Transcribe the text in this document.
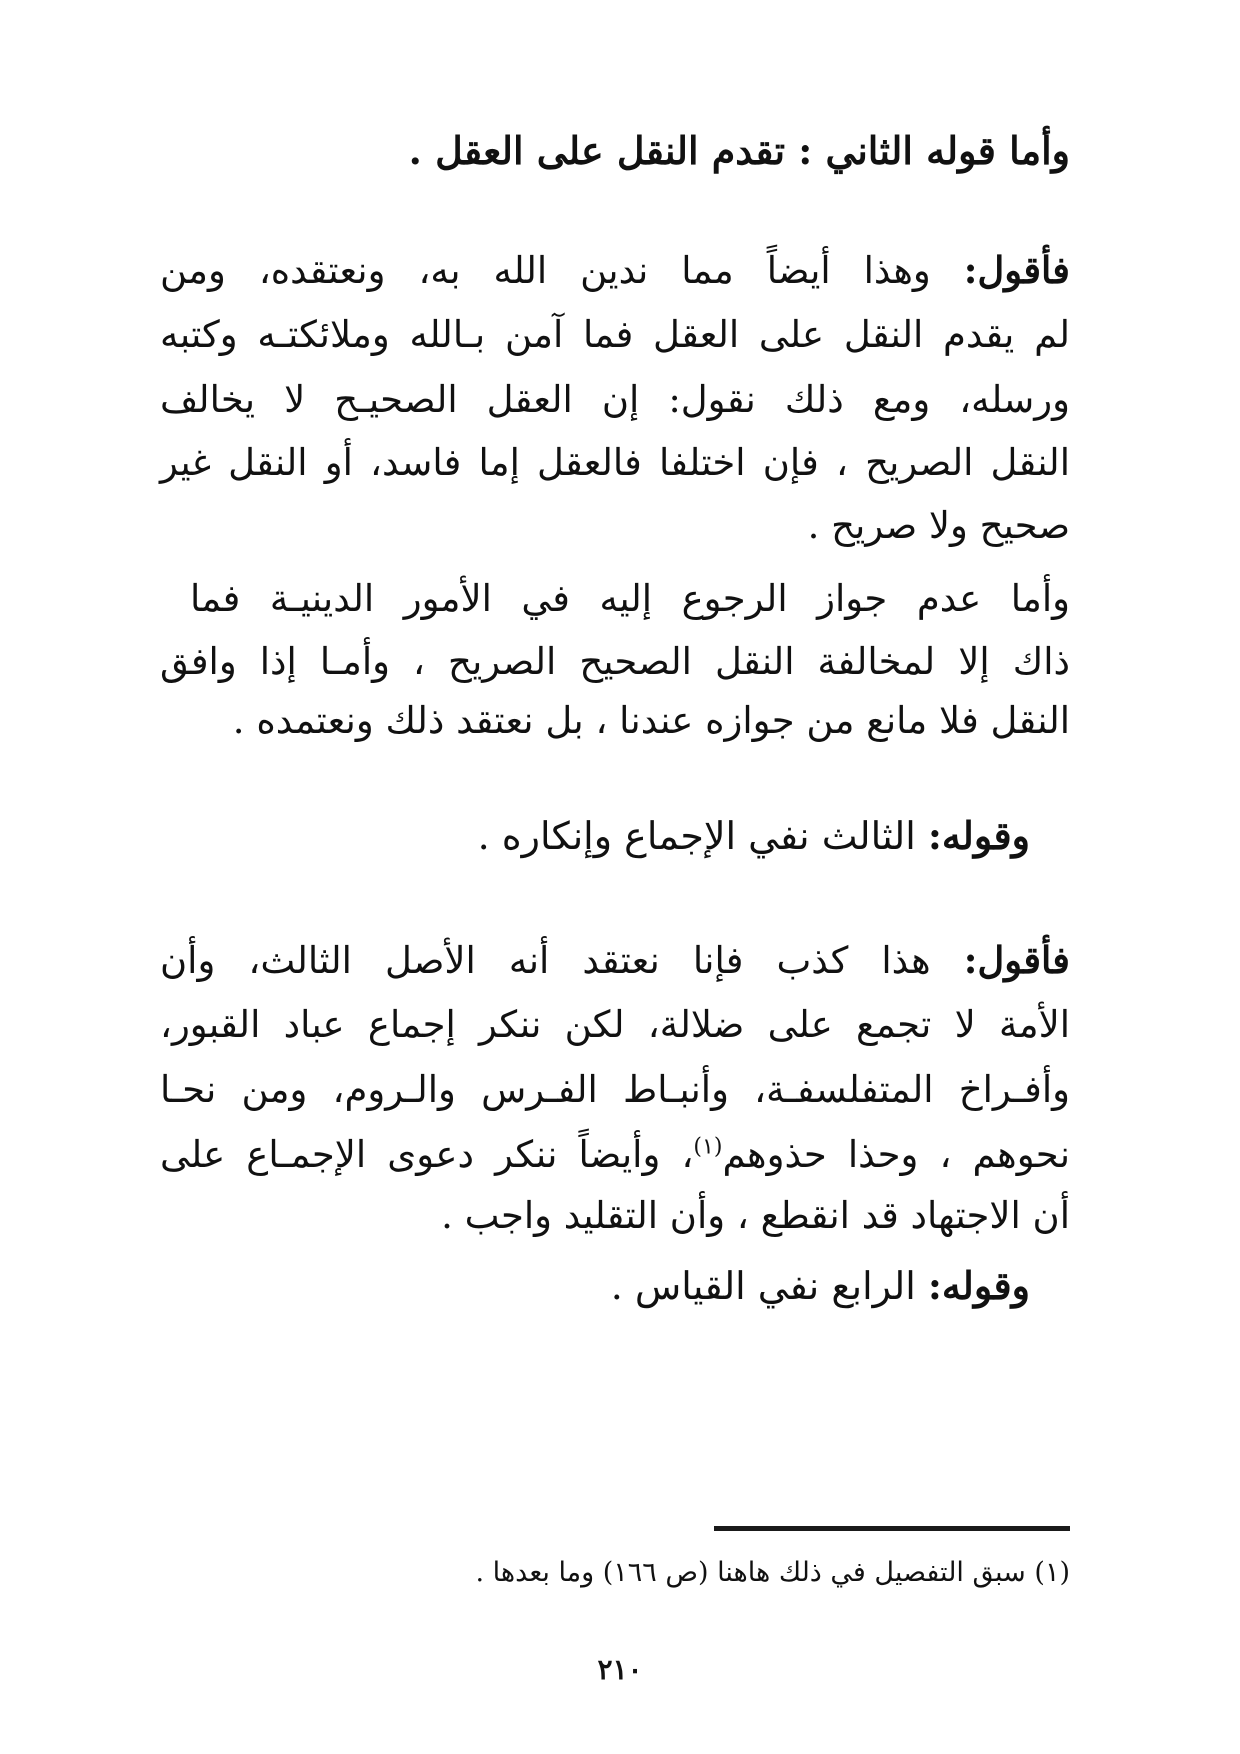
وأما قوله الثاني : تقدم النقل على العقل .
فأقول: وهذا أيضاً مما ندين الله به، ونعتقده، ومن
لم يقدم النقل على العقل فما آمن بـالله وملائكتـه وكتبه
ورسله، ومع ذلك نقول: إن العقل الصحيـح لا يخالف
النقل الصريح ، فإن اختلفا فالعقل إما فاسد، أو النقل غير
صحيح ولا صريح .
وأما عدم جواز الرجوع إليه في الأمور الدينيـة فما
ذاك إلا لمخالفة النقل الصحيح الصريح ، وأمـا إذا وافق
النقل فلا مانع من جوازه عندنا ، بل نعتقد ذلك ونعتمده .
وقوله: الثالث نفي الإجماع وإنكاره .
فأقول: هذا كذب فإنا نعتقد أنه الأصل الثالث، وأن
الأمة لا تجمع على ضلالة، لكن ننكر إجماع عباد القبور،
وأفـراخ المتفلسفـة، وأنبـاط الفـرس والـروم، ومن نحـا
نحوهم ، وحذا حذوهم$^{(١)}$، وأيضاً ننكر دعوى الإجمـاع على
أن الاجتهاد قد انقطع ، وأن التقليد واجب .
وقوله: الرابع نفي القياس .
(١) سبق التفصيل في ذلك هاهنا (ص ١٦٦) وما بعدها .
٢١٠
